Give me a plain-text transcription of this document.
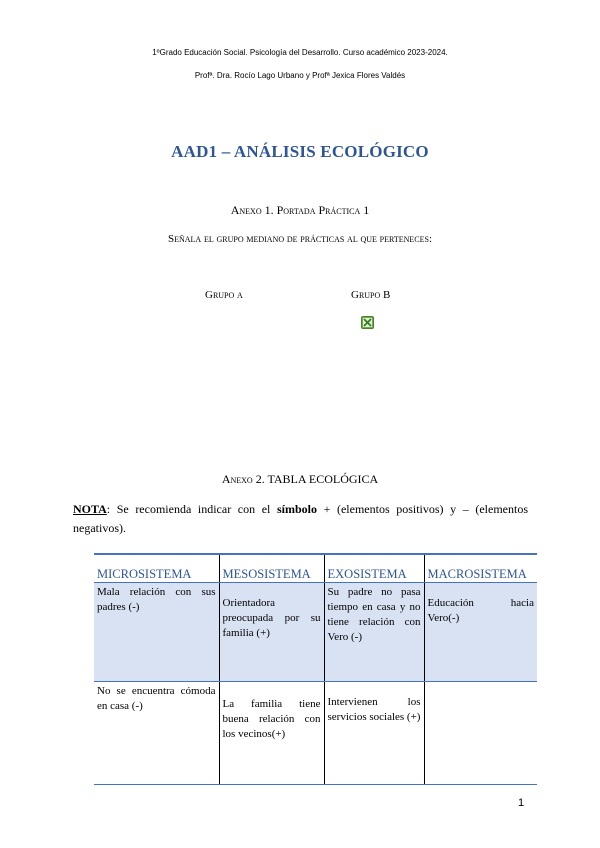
1ºGrado Educación Social. Psicología del Desarrollo. Curso académico 2023-2024.
Profª. Dra. Rocío Lago Urbano y Profª Jexica Flores Valdés
AAD1 – ANÁLISIS ECOLÓGICO
Anexo 1. Portada Práctica 1
Señala el grupo mediano de prácticas al que perteneces:
Grupo a	Grupo B
Anexo 2. TABLA ECOLÓGICA
NOTA: Se recomienda indicar con el símbolo + (elementos positivos) y – (elementos negativos).
MICROSISTEMA	MESOSISTEMA	EXOSISTEMA	MACROSISTEMA
Mala relación con sus padres (-)	Orientadora preocupada por su familia (+)	Su padre no pasa tiempo en casa y no tiene relación con Vero (-)	Educación hacia Vero(-)
No se encuentra cómoda en casa (-)	La familia tiene buena relación con los vecinos(+)	Intervienen los servicios sociales (+)	
1
